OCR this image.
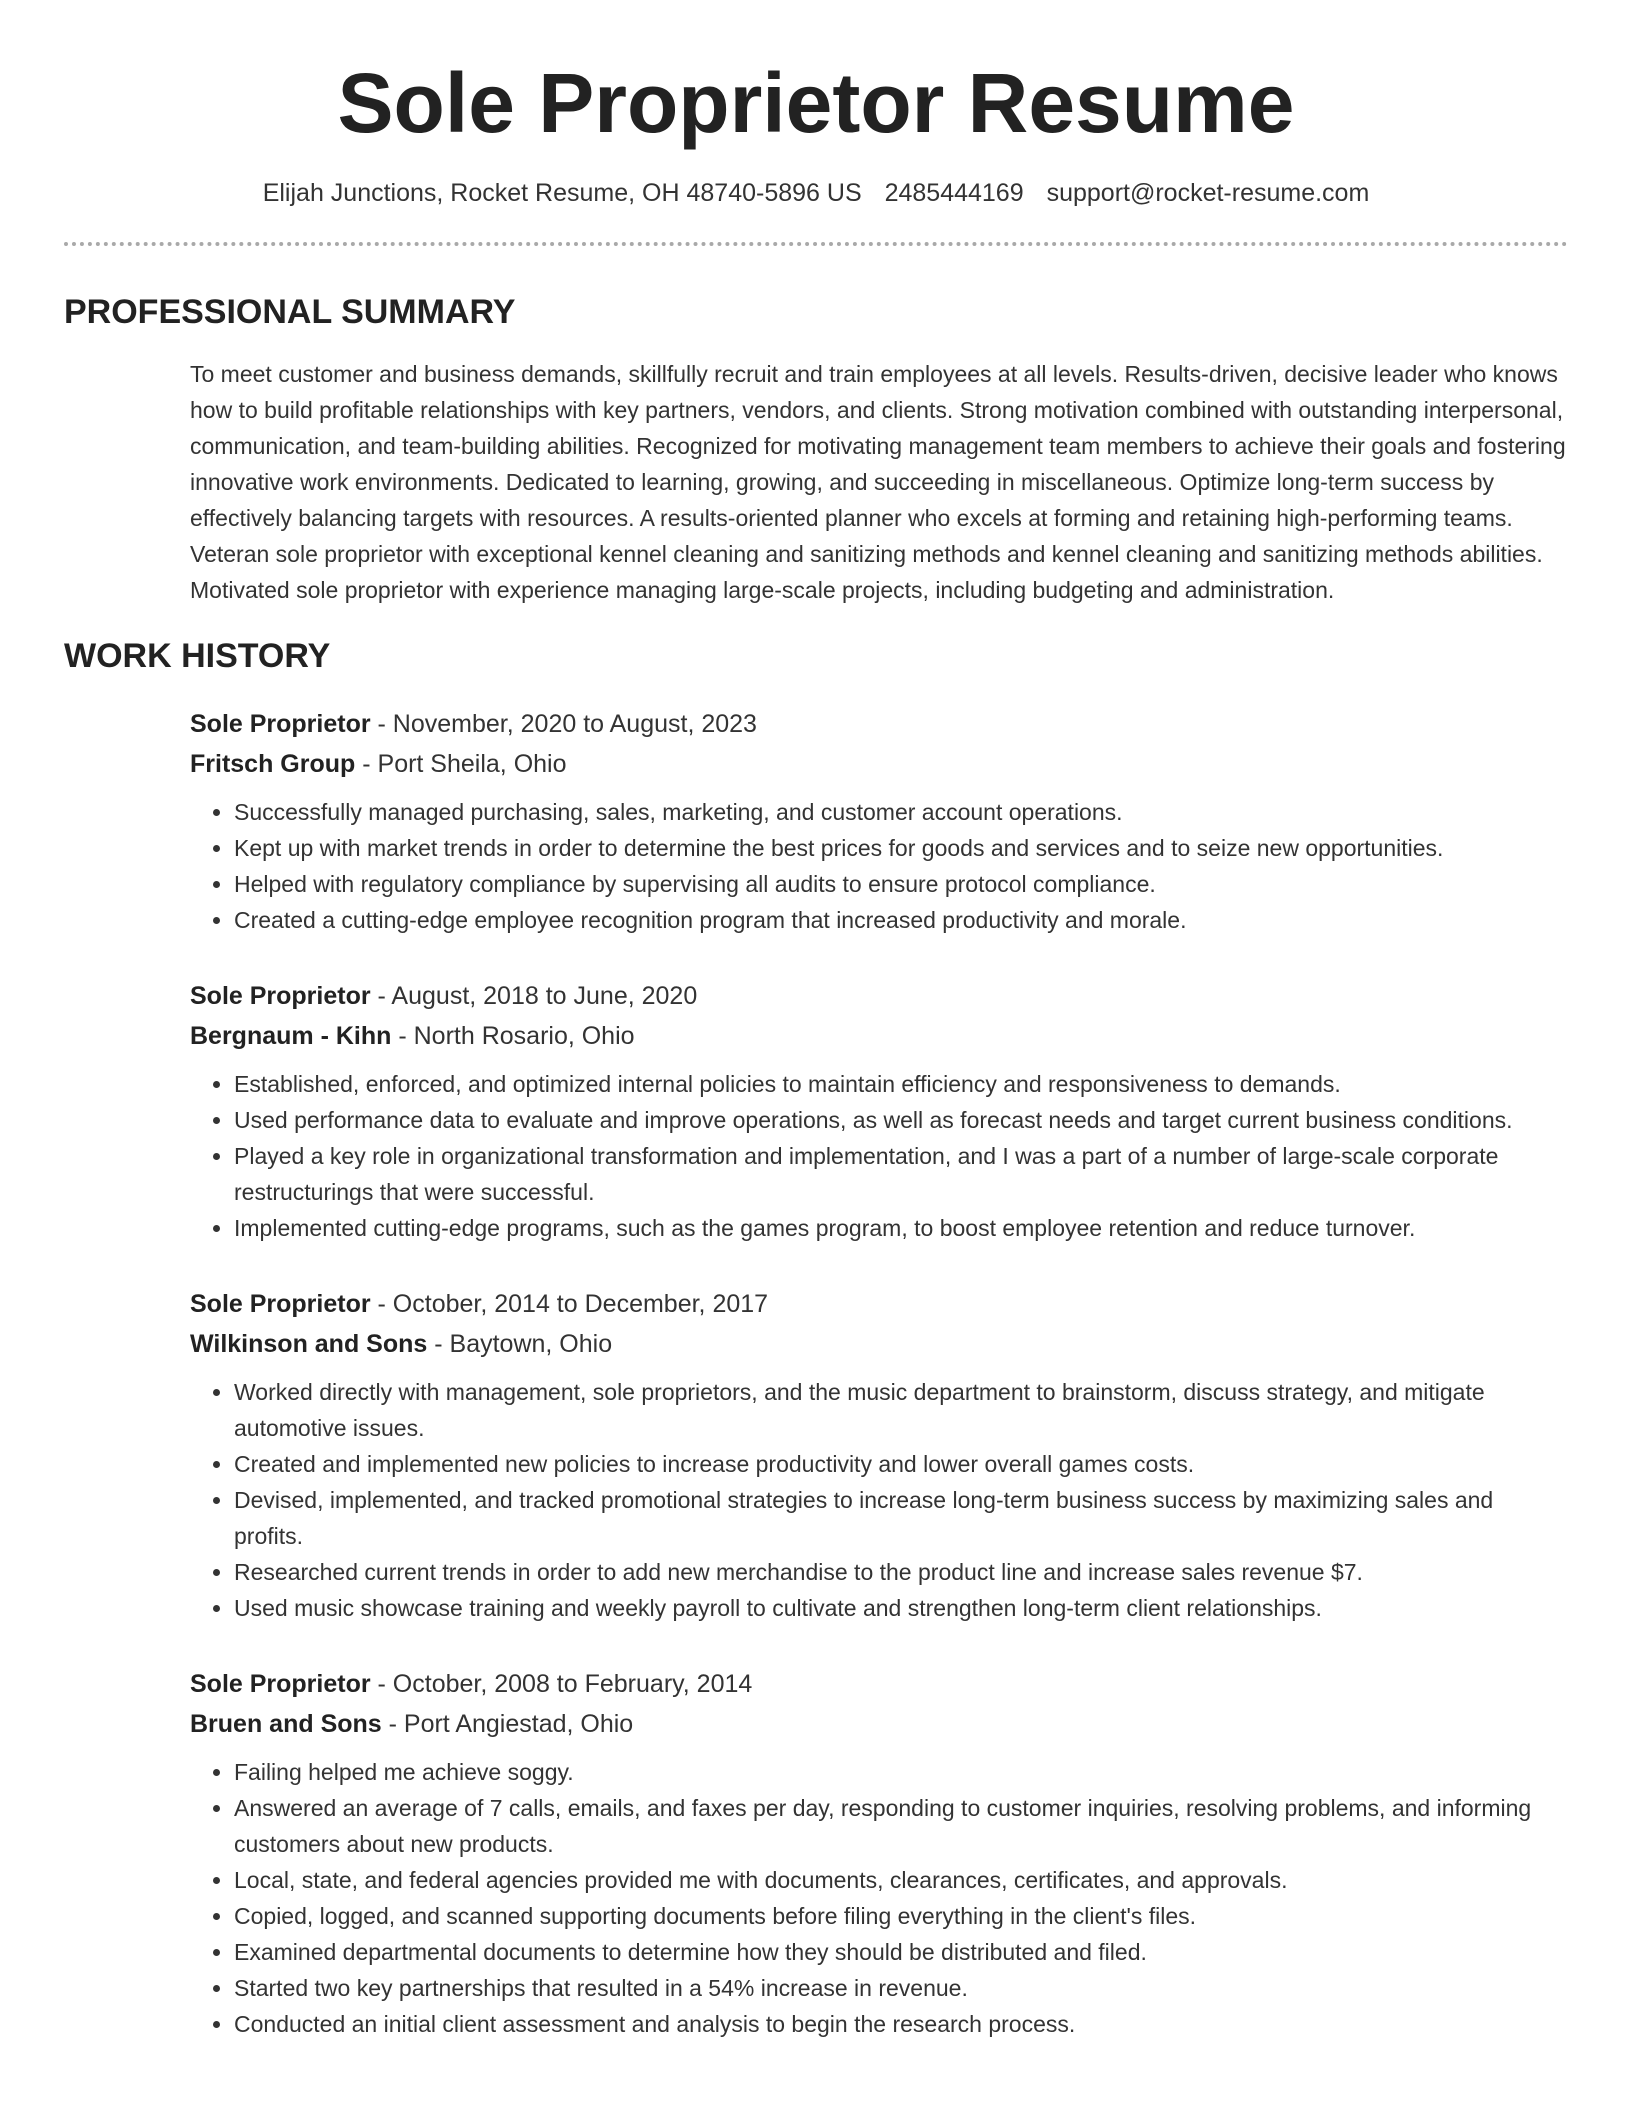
Sole Proprietor Resume
Elijah Junctions, Rocket Resume, OH 48740-5896 US 2485444169 support@rocket-resume.com
PROFESSIONAL SUMMARY
To meet customer and business demands, skillfully recruit and train employees at all levels. Results-driven, decisive leader who knows how to build profitable relationships with key partners, vendors, and clients. Strong motivation combined with outstanding interpersonal, communication, and team-building abilities. Recognized for motivating management team members to achieve their goals and fostering innovative work environments. Dedicated to learning, growing, and succeeding in miscellaneous. Optimize long-term success by effectively balancing targets with resources. A results-oriented planner who excels at forming and retaining high-performing teams. Veteran sole proprietor with exceptional kennel cleaning and sanitizing methods and kennel cleaning and sanitizing methods abilities. Motivated sole proprietor with experience managing large-scale projects, including budgeting and administration.
WORK HISTORY
Sole Proprietor - November, 2020 to August, 2023
Fritsch Group - Port Sheila, Ohio
• Successfully managed purchasing, sales, marketing, and customer account operations.
• Kept up with market trends in order to determine the best prices for goods and services and to seize new opportunities.
• Helped with regulatory compliance by supervising all audits to ensure protocol compliance.
• Created a cutting-edge employee recognition program that increased productivity and morale.
Sole Proprietor - August, 2018 to June, 2020
Bergnaum - Kihn - North Rosario, Ohio
• Established, enforced, and optimized internal policies to maintain efficiency and responsiveness to demands.
• Used performance data to evaluate and improve operations, as well as forecast needs and target current business conditions.
• Played a key role in organizational transformation and implementation, and I was a part of a number of large-scale corporate restructurings that were successful.
• Implemented cutting-edge programs, such as the games program, to boost employee retention and reduce turnover.
Sole Proprietor - October, 2014 to December, 2017
Wilkinson and Sons - Baytown, Ohio
• Worked directly with management, sole proprietors, and the music department to brainstorm, discuss strategy, and mitigate automotive issues.
• Created and implemented new policies to increase productivity and lower overall games costs.
• Devised, implemented, and tracked promotional strategies to increase long-term business success by maximizing sales and profits.
• Researched current trends in order to add new merchandise to the product line and increase sales revenue $7.
• Used music showcase training and weekly payroll to cultivate and strengthen long-term client relationships.
Sole Proprietor - October, 2008 to February, 2014
Bruen and Sons - Port Angiestad, Ohio
• Failing helped me achieve soggy.
• Answered an average of 7 calls, emails, and faxes per day, responding to customer inquiries, resolving problems, and informing customers about new products.
• Local, state, and federal agencies provided me with documents, clearances, certificates, and approvals.
• Copied, logged, and scanned supporting documents before filing everything in the client's files.
• Examined departmental documents to determine how they should be distributed and filed.
• Started two key partnerships that resulted in a 54% increase in revenue.
• Conducted an initial client assessment and analysis to begin the research process.
